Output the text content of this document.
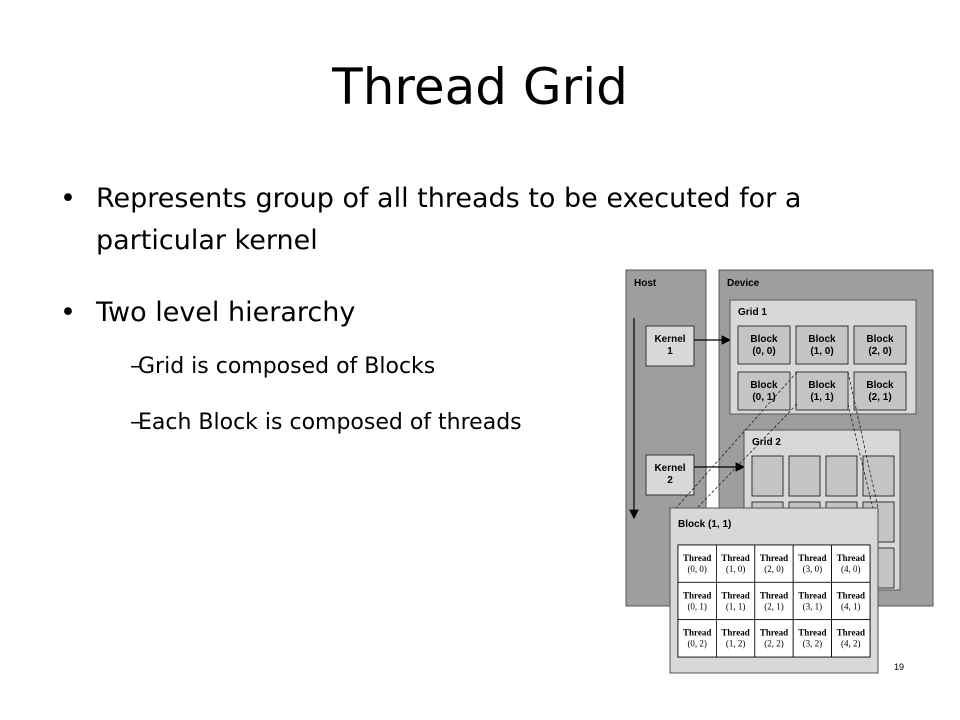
Thread Grid
• Represents group of all threads to be executed for a particular kernel
• Two level hierarchy
–
Grid is composed of Blocks
–
Each Block is composed of threads
Host	Device
Kernel
1
Kernel
2
Grid 1
Block
(0, 0)
Block
(1, 0)
Block
(2, 0)
Block
(0, 1)
Block
(1, 1)
Block
(2, 1)
Grid 2
Block (1, 1)
Thread
(0, 0)
Thread
(1, 0)
Thread
(2, 0)
Thread
(3, 0)
Thread
(4, 0)
Thread
(0, 1)
Thread
(1, 1)
Thread
(2, 1)
Thread
(3, 1)
Thread
(4, 1)
Thread
(0, 2)
Thread
(1, 2)
Thread
(2, 2)
Thread
(3, 2)
Thread
(4, 2)
19
